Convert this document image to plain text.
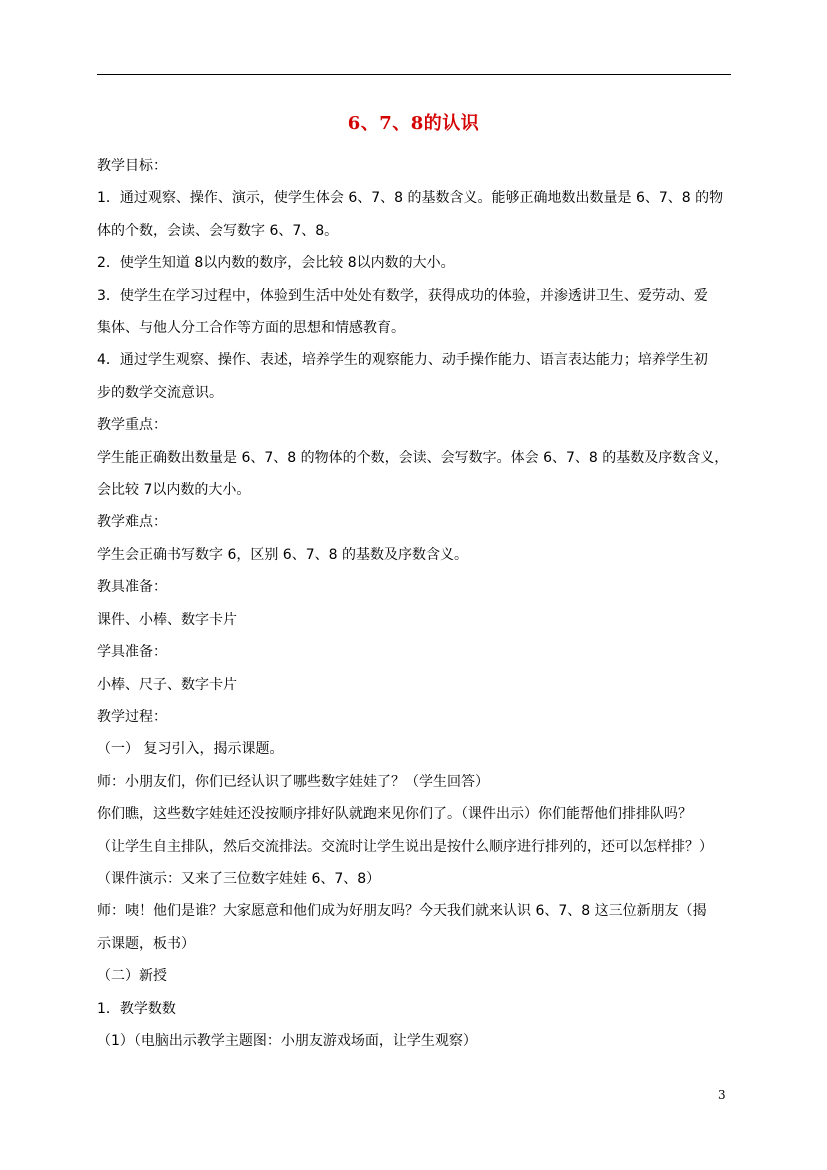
6、7、8的认识

教学目标：

1．通过观察、操作、演示，使学生体会 6、7、8 的基数含义。能够正确地数出数量是 6、7、8 的物

体的个数，会读、会写数字 6、7、8。

2．使学生知道 8以内数的数序，会比较 8以内数的大小。

3．使学生在学习过程中，体验到生活中处处有数学，获得成功的体验，并渗透讲卫生、爱劳动、爱

集体、与他人分工合作等方面的思想和情感教育。

4．通过学生观察、操作、表述，培养学生的观察能力、动手操作能力、语言表达能力；培养学生初

步的数学交流意识。

教学重点：

学生能正确数出数量是 6、7、8 的物体的个数，会读、会写数字。体会 6、7、8 的基数及序数含义，

会比较 7以内数的大小。

教学难点：

学生会正确书写数字 6，区别 6、7、8 的基数及序数含义。

教具准备：

课件、小棒、数字卡片

学具准备：

小棒、尺子、数字卡片

教学过程：

（一） 复习引入，揭示课题。

师：小朋友们，你们已经认识了哪些数字娃娃了？（学生回答）

你们瞧，这些数字娃娃还没按顺序排好队就跑来见你们了。（课件出示）你们能帮他们排排队吗？

（让学生自主排队，然后交流排法。交流时让学生说出是按什么顺序进行排列的，还可以怎样排？）

（课件演示：又来了三位数字娃娃 6、7、8）

师：咦！他们是谁？大家愿意和他们成为好朋友吗？今天我们就来认识 6、7、8 这三位新朋友（揭

示课题，板书）

（二）新授

1．教学数数

（1）（电脑出示教学主题图：小朋友游戏场面，让学生观察）

3
